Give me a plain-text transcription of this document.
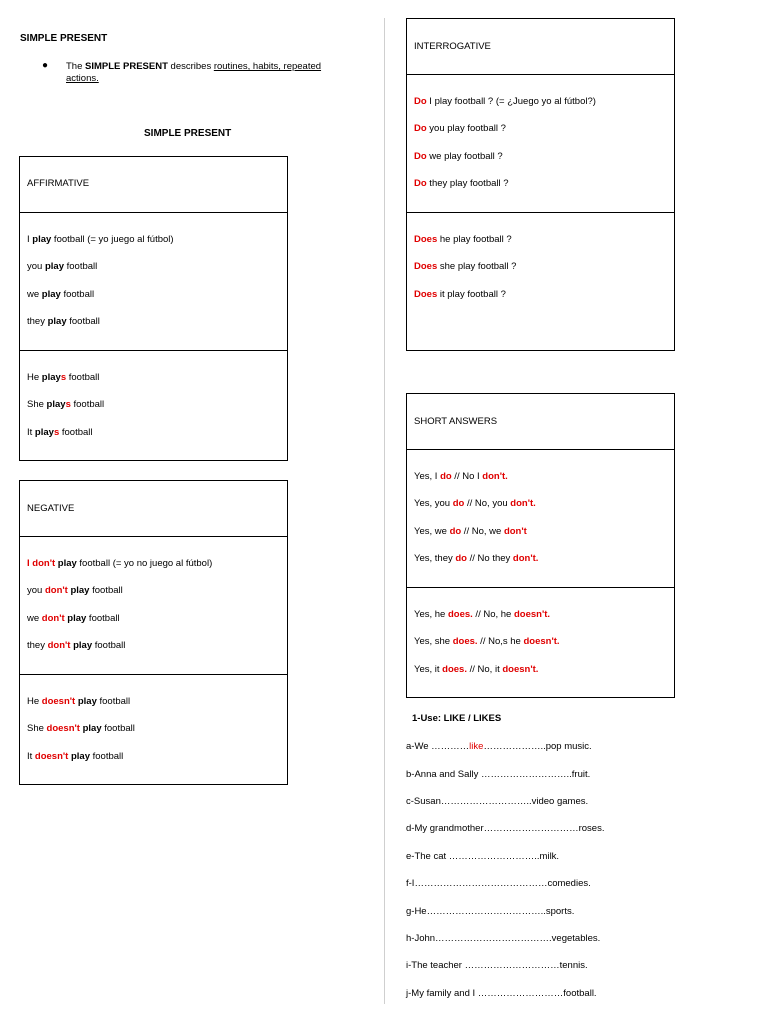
SIMPLE PRESENT
● The SIMPLE PRESENT describes routines, habits, repeated
actions.
SIMPLE PRESENT
AFFIRMATIVE
I play football (= yo juego al fútbol)
you play football
we play football
they play football
He plays football
She plays football
It plays football
NEGATIVE
I don't play football (= yo no juego al fútbol)
you don't play football
we don't play football
they don't play football
He doesn't play football
She doesn't play football
It doesn't play football
INTERROGATIVE
Do I play football ? (= ¿Juego yo al fútbol?)
Do you play football ?
Do we play football ?
Do they play football ?
Does he play football ?
Does she play football ?
Does it play football ?
SHORT ANSWERS
Yes, I do // No I don't.
Yes, you do // No, you don't.
Yes, we do // No, we don't
Yes, they do // No they don't.
Yes, he does. // No, he doesn't.
Yes, she does. // No,s he doesn't.
Yes, it does. // No, it doesn't.
1-Use: LIKE / LIKES
a-We …………like………………..pop music.
b-Anna and Sally ………………………..fruit.
c-Susan………………………..video games.
d-My grandmother…………………………roses.
e-The cat ………………………..milk.
f-I……………………………………comedies.
g-He………………………………..sports.
h-John……………………………….vegetables.
i-The teacher …………………………tennis.
j-My family and I ………………………football.
